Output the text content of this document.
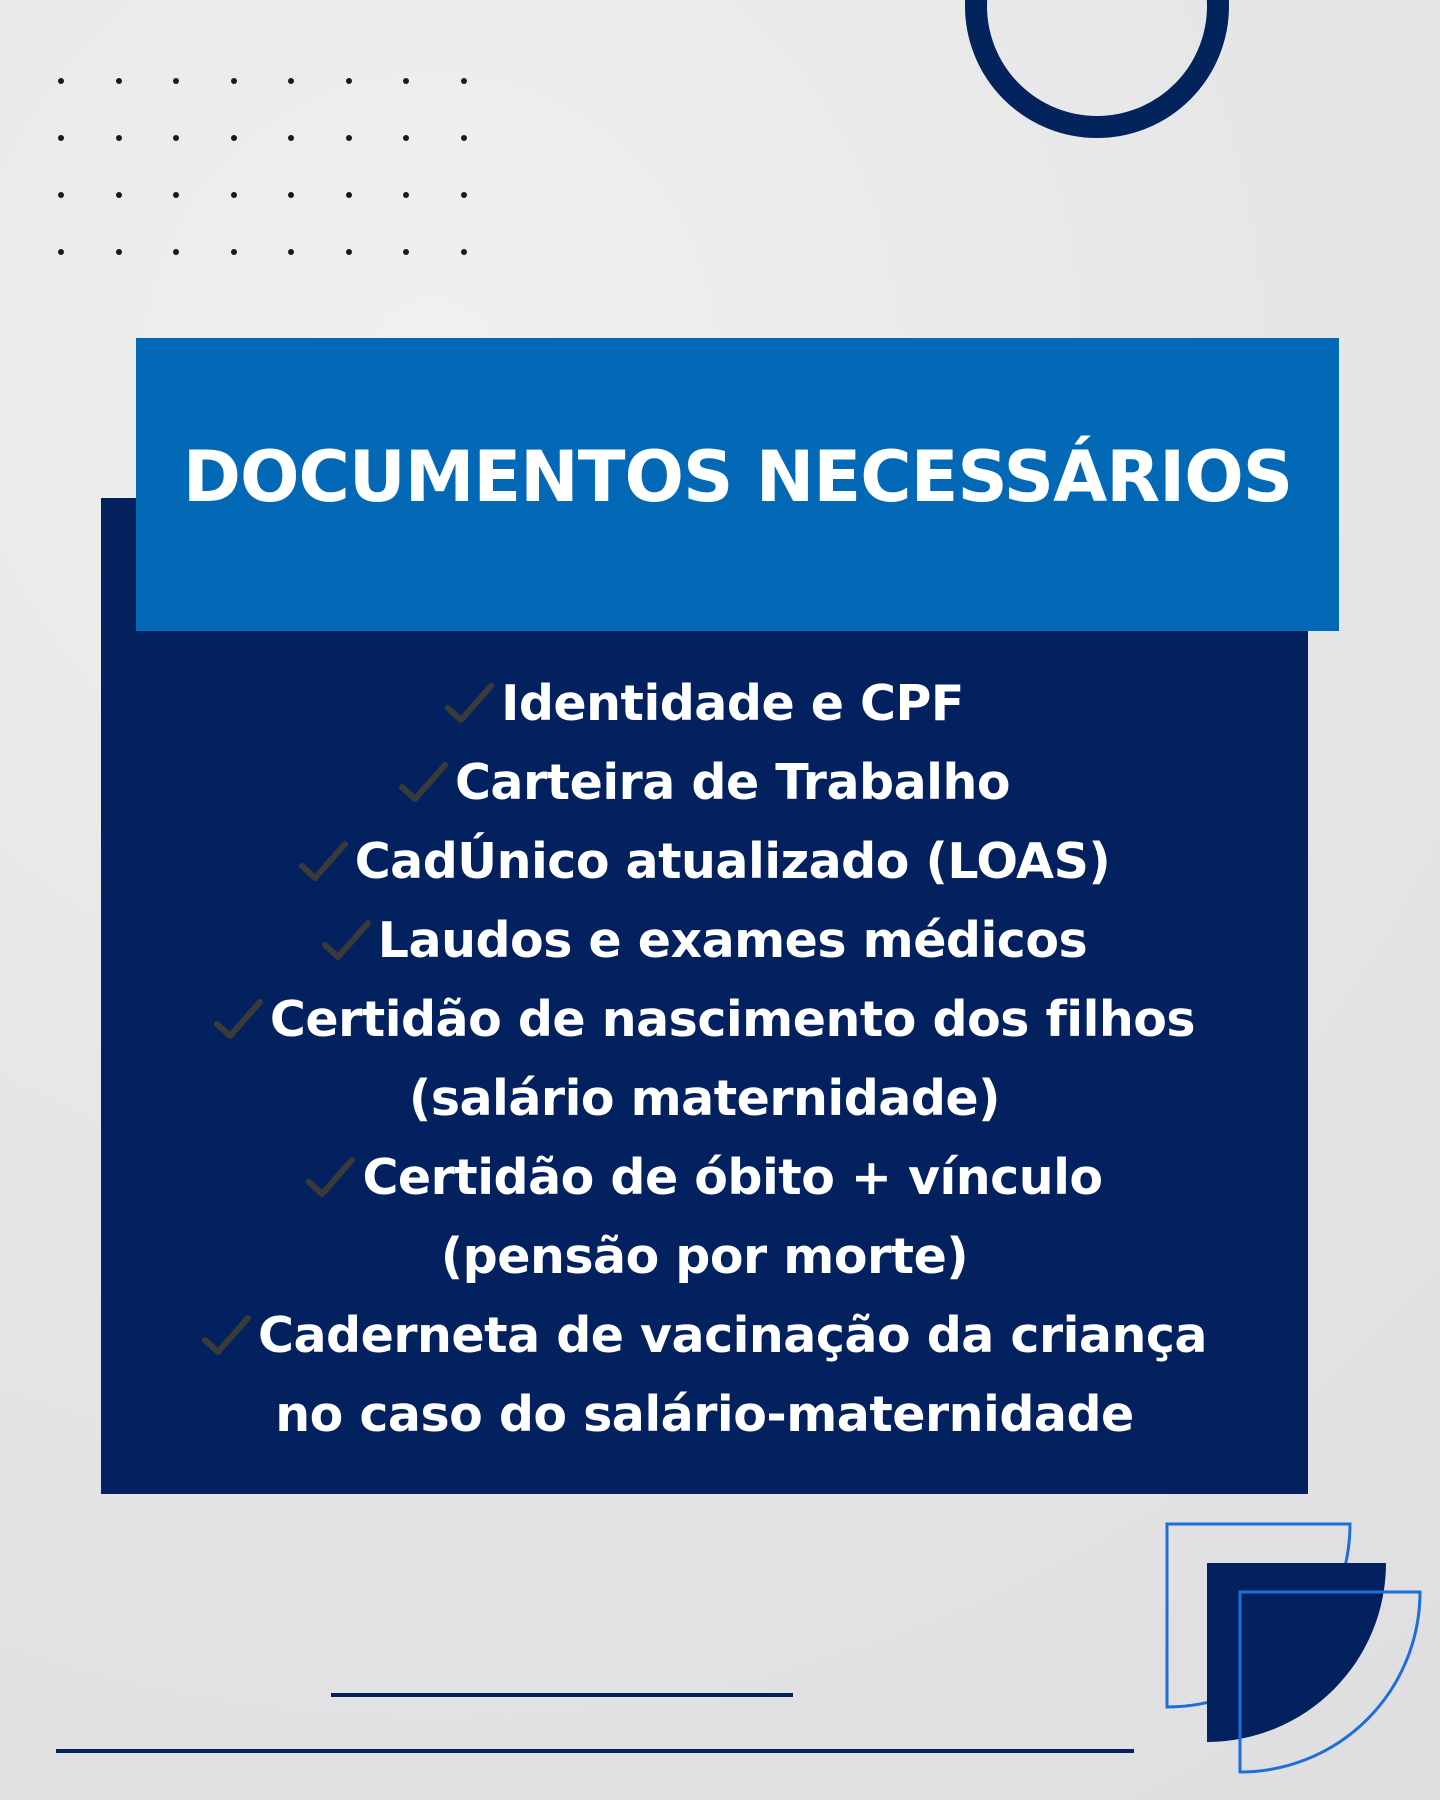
DOCUMENTOS NECESSÁRIOS
Identidade e CPF
Carteira de Trabalho
CadÚnico atualizado (LOAS)
Laudos e exames médicos
Certidão de nascimento dos filhos
(salário maternidade)
Certidão de óbito + vínculo
(pensão por morte)
Caderneta de vacinação da criança
no caso do salário-maternidade
